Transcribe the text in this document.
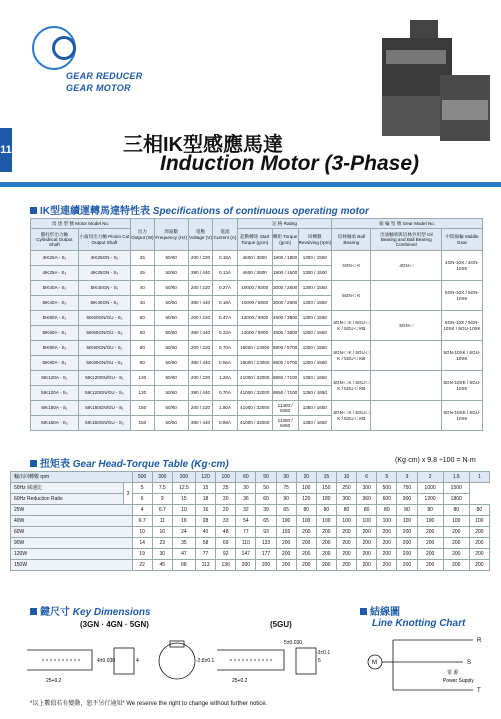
GEAR REDUCER
GEAR MOTOR
11	三相IK型感應馬達
Induction Motor (3-Phase)
IK型連續運轉馬達特性表 Specifications of continuous operating motor
馬 達 型 號 Motor Model No.		出力 Output (W)	周波數 Frequency (Hz)	電壓 Voltage (V)	電流 Current (A)	定 格 Rating			齒 輪 型 號 Gear Model No.		
圓柱形出力軸 Cylindrical Output Shaft	小齒切出力軸 Pinion Cut Output Shaft					起動轉矩 Start Torque (gcm)	轉矩 Torque (gcm)	回轉數 Revolving (rpm)	培林軸承 Ball Bearing	含油軸承與培林共用型 Oil Bearing and Ball Bearing Combined	中間齒輪 Middle Gear
4IK25A - S₁	4IK25GN - S₁	25	50/60	200 / 220	0.18A	4600 / 3600	1900 / 1800	1300 / 1550	4GN-□ K	4GN-□	4GN-10X / 4GN-10XK
4IK25A - S₃	4IK25GN - S₃	25	50/60	380 / 440	0.13A	4600 / 3600	1900 / 1600	1300 / 1500			
5IK40A - S₁	5IK40GN - S₁	40	50/60	200 / 220	0.27A	10000 / 8000	3000 / 2600	1300 / 1550	5GN-□ K		5GN-10X / 5GN-10XK
5IK40A - S₃	5IK40GN - S₃	40	50/60	380 / 440	0.18A	10000 / 8000	3000 / 2600	1300 / 1550			
5IK60A - S₁	5IK60GN/GU - S₁	60	50/60	200 / 220	0.47A	13000 / 9000	4500 / 3800	1300 / 1550	5GN-□ K / 5GU-□ K / 5GU-□ KB	5GN-□	5GN-10X / 5GN-10XK / 5GU-10XK
5IK60A - S₃	5IK60GN/GU - S₃	60	50/60	380 / 440	0.33A	13000 / 9000	4500 / 3800	1300 / 1550			
5IK90A - S₁	5IK90GN/GU - S₁	90	50/60	200 / 220	0.70A	18000 / 13000	6800 / 5700	1300 / 1550	5GN-□ K / 5GU-□ K / 5GU-□ KB		5GN-10XK / 5GU-10XK
5IK90A - S₃	5IK90GN/GU - S₃	90	50/60	380 / 440	0.56A	18000 / 13000	6800 / 5700	1300 / 1550			
5IK120A - S₁	5IK120GN/GU - S₁	120	50/60	200 / 220	1.28A	41000 / 32000	8650 / 7100	1350 / 1650	5GN-□ K / 5GU-□ K / 5GU-□ KB		5GN-10XK / 5GU-10XK
5IK120A - S₃	5IK120GN/GU - S₃	120	50/60	380 / 440	0.70A	41000 / 32000	8650 / 7100	1350 / 1650			
5IK150A - S₁	5IK150GN/GU - S₁	150	50/60	200 / 220	1.80A	41000 / 32000	11300 / 9450	1350 / 1650	5GN-□ K / 5GU-□ K / 5GU-□ KB		5GN-10XK / 5GU-10XK
5IK150A - S₃	5IK150GN/GU - S₃	150	50/60	380 / 440	0.88A	41000 / 32000	11300 / 9450	1350 / 1650			
扭矩表 Gear Head-Torque Table (Kg·cm)	(Kg·cm) x 9.8 ÷100 = N·m
輸出回轉數 rpm		500	300	200	120	100	60	50	30	20	15	10	6	5	3	2	1.5	1
50Hz 減速比	3	5	7.5	12.5	15	25	30	50	75	100	150	250	300	500	750	1000	1500	
60Hz Reduction Ratio		6	9	15	18	30	36	60	90	120	180	300	360	600	900	1200	1800	
25W		4	6.7	10	16	20	32	39	65	80	80	80	80	80	80	80	80	80
40W		6.7	11	16	28	33	54	65	100	100	100	100	100	100	100	100	100	100
60W		10	16	24	40	48	77	93	155	200	200	200	200	200	200	200	200	200
90W		14	23	35	58	69	110	133	200	200	200	200	200	200	200	200	200	200
120W		19	30	47	77	92	147	177	200	200	200	200	200	200	200	200	200	200
150W		22	45	68	113	136	200	200	200	200	200	200	200	200	200	200	200	200
鍵尺寸 Key Dimensions
(3GN · 4GN · 5GN)	(5GU)
25+0.2
4±0.030	4	-2.5±0.1
25+0.2
5±0.030
5
-3±0.1
結線圖
Line Knotting Chart
M
R
S
T
電 源
Power Supply
*以上數值若有變動，恕不另行通知* We reserve the right to change without further notice.
